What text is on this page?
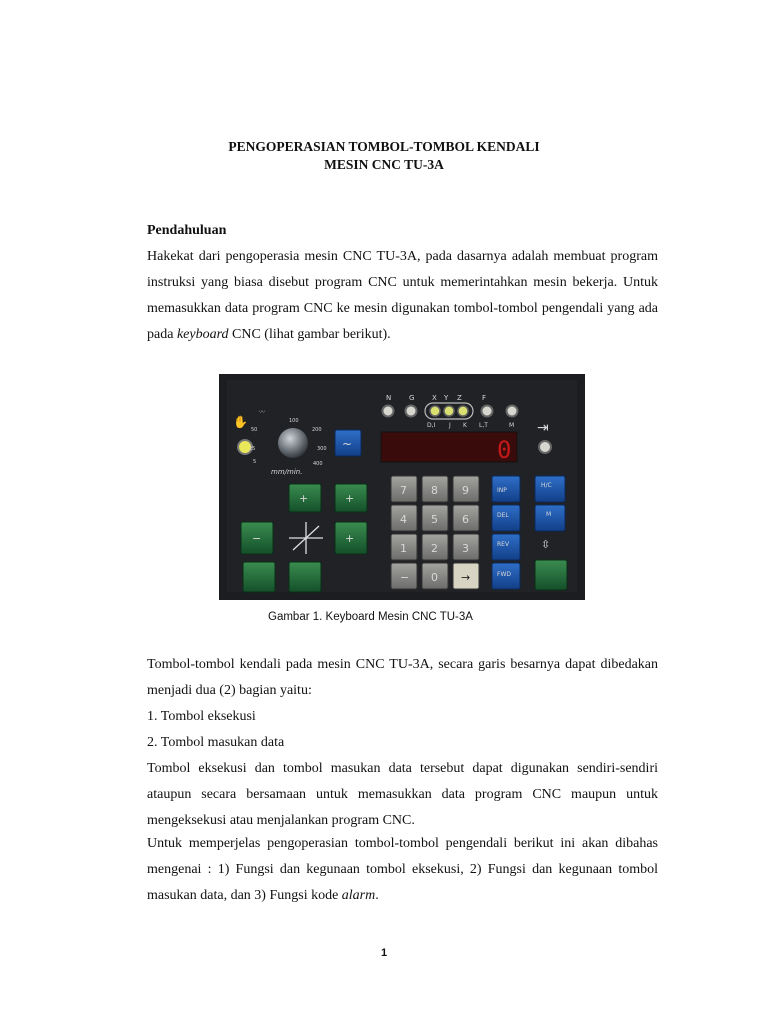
PENGOPERASIAN TOMBOL-TOMBOL KENDALI
MESIN CNC TU-3A
Pendahuluan
Hakekat dari pengoperasia mesin CNC TU-3A, pada dasarnya adalah membuat program instruksi yang biasa disebut program CNC untuk memerintahkan mesin bekerja. Untuk memasukkan data program CNC ke mesin digunakan tombol-tombol pengendali yang ada pada keyboard CNC (lihat gambar berikut).
✋
〰
50
100
200
25	300
5	400
mm/min.
~
N	G	X Y Z	F
D,I J K L,T	M ⇥
0
+	+
−	+
7 8 9
4 5 6
1 2 3
− 0 →
INP
H/C
DEL	M
REV	⇳
FWD
Gambar 1. Keyboard Mesin CNC TU-3A
Tombol-tombol kendali pada mesin CNC TU-3A, secara garis besarnya dapat dibedakan menjadi dua (2) bagian yaitu:
1. Tombol eksekusi
2. Tombol masukan data
Tombol eksekusi dan tombol masukan data tersebut dapat digunakan sendiri-sendiri ataupun secara bersamaan untuk memasukkan data program CNC maupun untuk mengeksekusi atau menjalankan program CNC.
Untuk memperjelas pengoperasian tombol-tombol pengendali berikut ini akan dibahas mengenai : 1) Fungsi dan kegunaan tombol eksekusi, 2) Fungsi dan kegunaan tombol masukan data, dan 3) Fungsi kode alarm.
1
